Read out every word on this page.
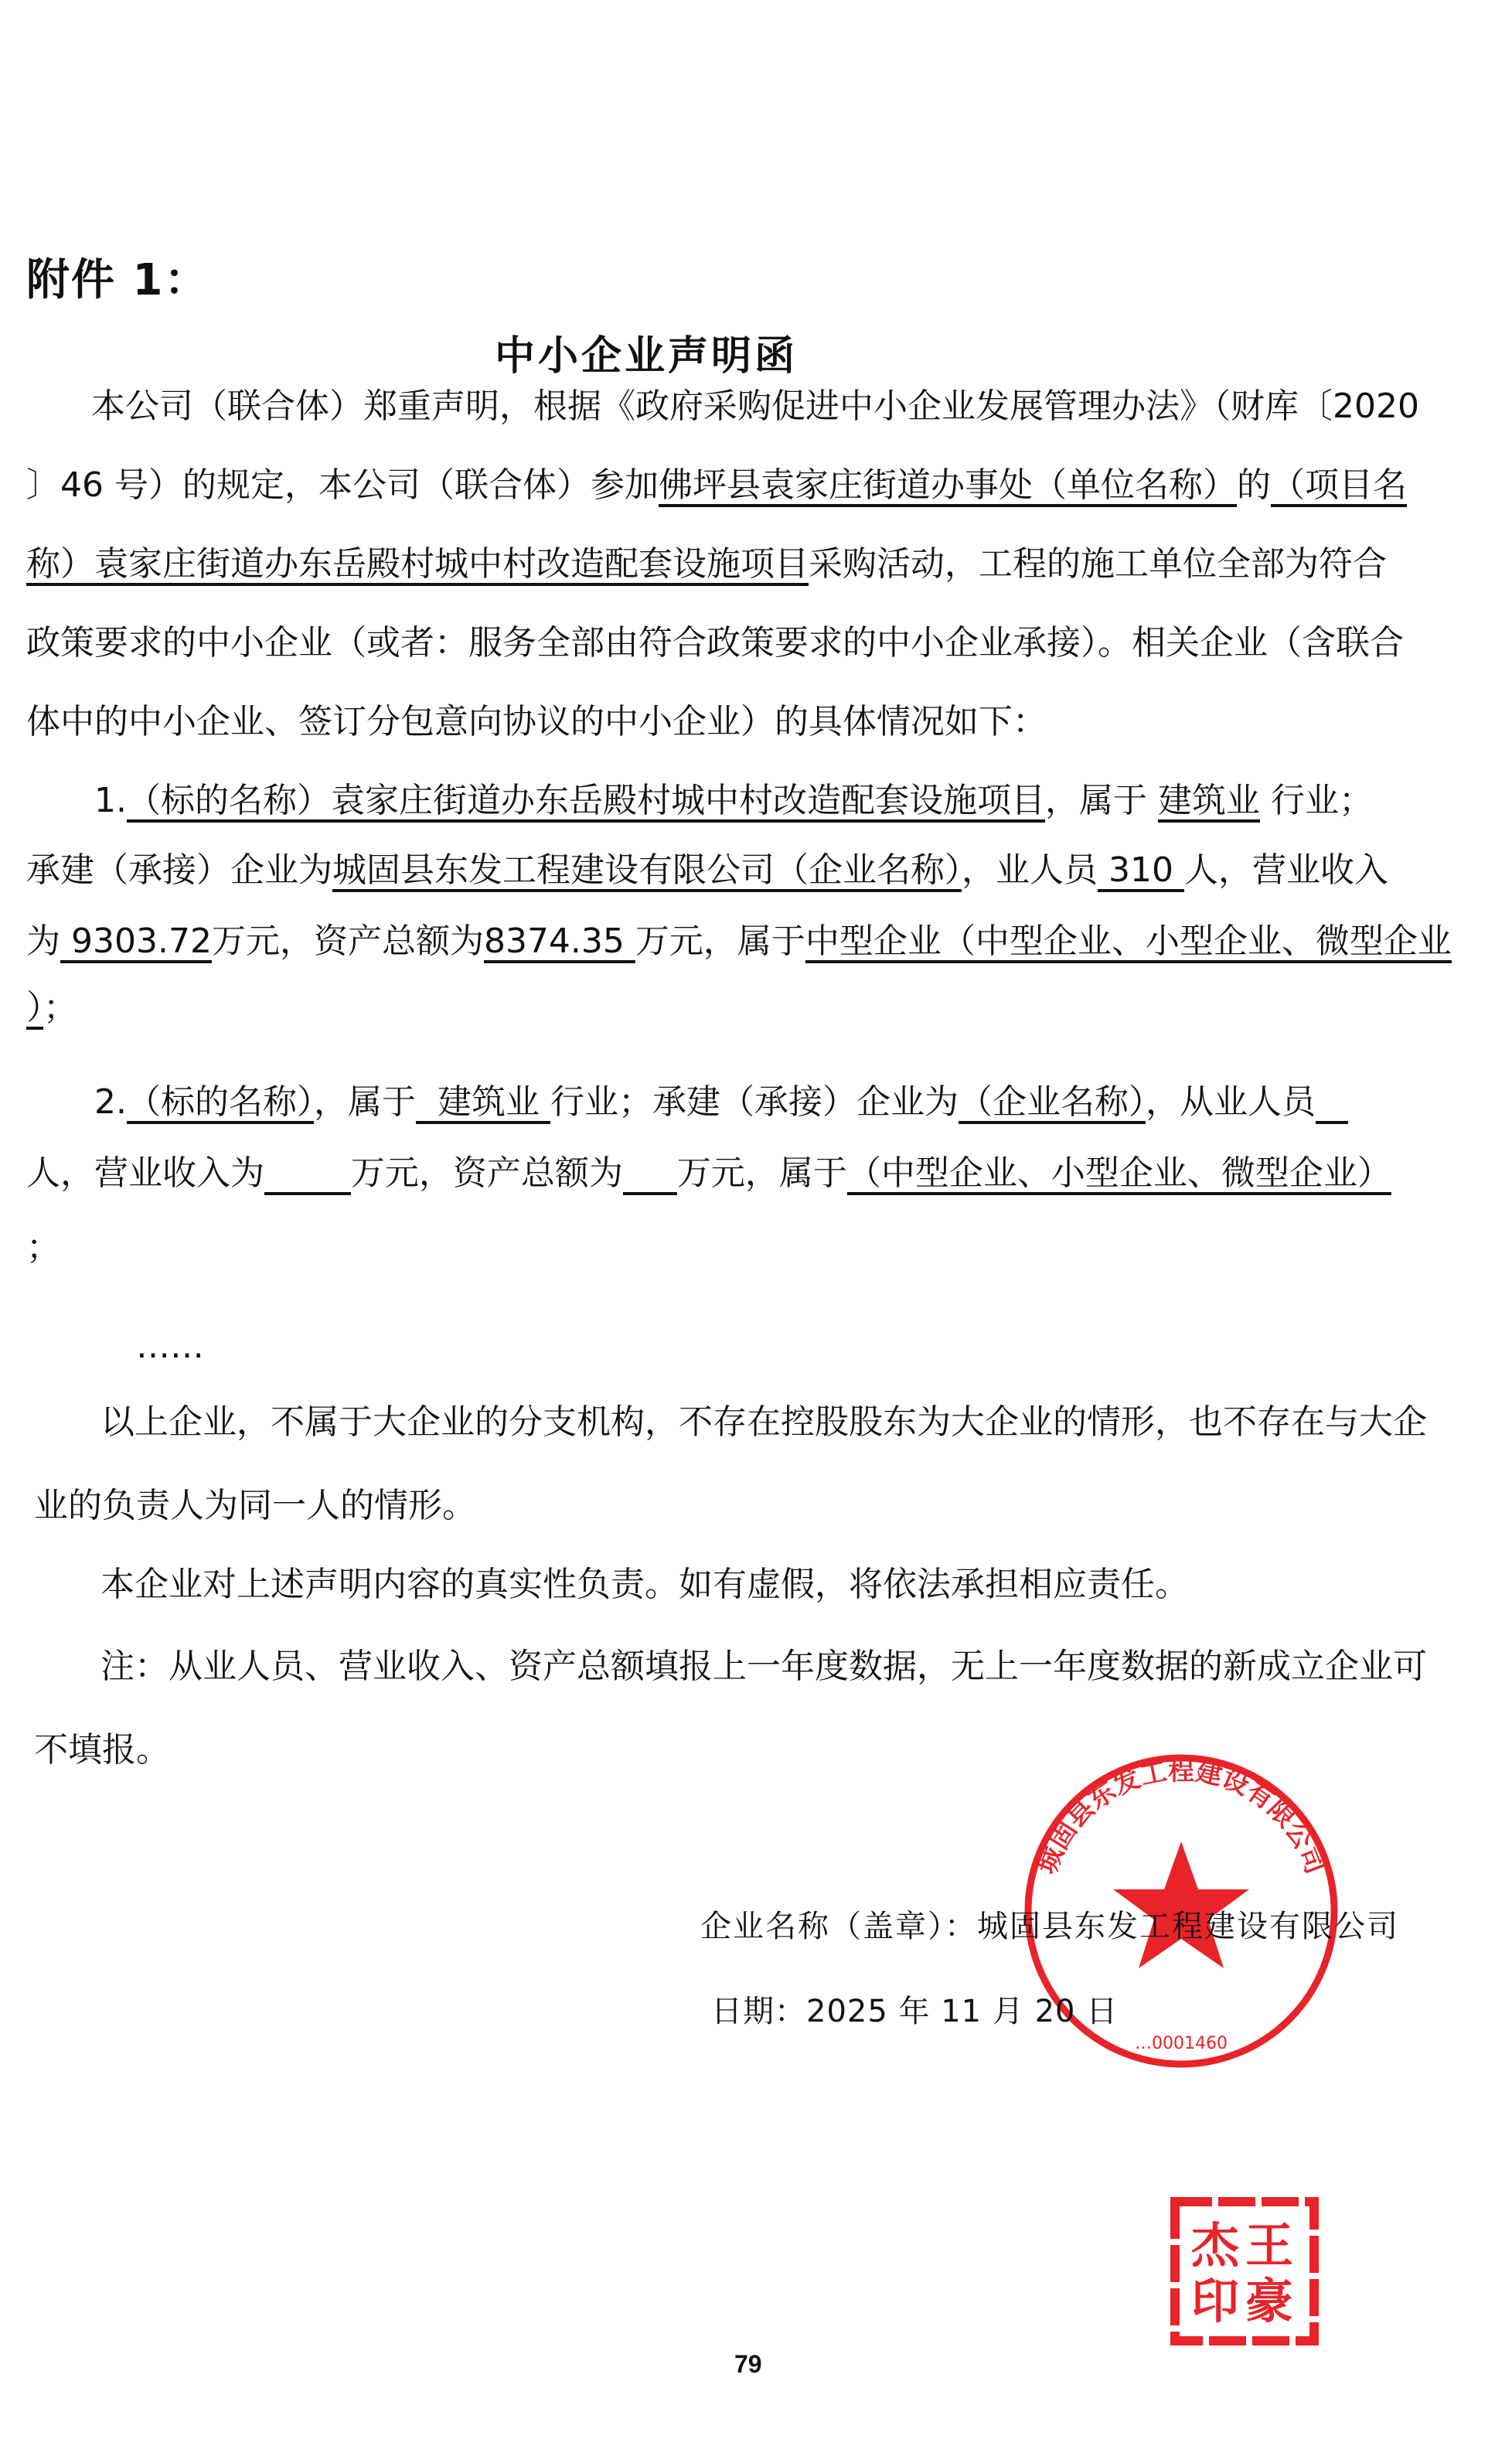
附件 1：
中小企业声明函
本公司（联合体）郑重声明，根据《政府采购促进中小企业发展管理办法》（财库〔2020
〕46 号）的规定，本公司（联合体）参加佛坪县袁家庄街道办事处（单位名称）的（项目名
称）袁家庄街道办东岳殿村城中村改造配套设施项目采购活动，工程的施工单位全部为符合
政策要求的中小企业（或者：服务全部由符合政策要求的中小企业承接）。相关企业（含联合
体中的中小企业、签订分包意向协议的中小企业）的具体情况如下：
1.（标的名称）袁家庄街道办东岳殿村城中村改造配套设施项目，属于 建筑业 行业；
承建（承接）企业为城固县东发工程建设有限公司（企业名称），业人员 310 人，营业收入
为 9303.72万元，资产总额为8374.35 万元，属于中型企业（中型企业、小型企业、微型企业
）；
2.（标的名称），属于 建筑业 行业；承建（承接）企业为（企业名称），从业人员
人，营业收入为	万元，资产总额为 万元，属于（中型企业、小型企业、微型企业）
；
……
以上企业，不属于大企业的分支机构，不存在控股股东为大企业的情形，也不存在与大企
业的负责人为同一人的情形。
本企业对上述声明内容的真实性负责。如有虚假，将依法承担相应责任。
注：从业人员、营业收入、资产总额填报上一年度数据，无上一年度数据的新成立企业可
不填报。
城固县东发工程建设有限公司
…0001460
企业名称（盖章）：城固县东发工程建设有限公司
日期：2025 年 11 月 20 日
王
豪
杰
印
79
